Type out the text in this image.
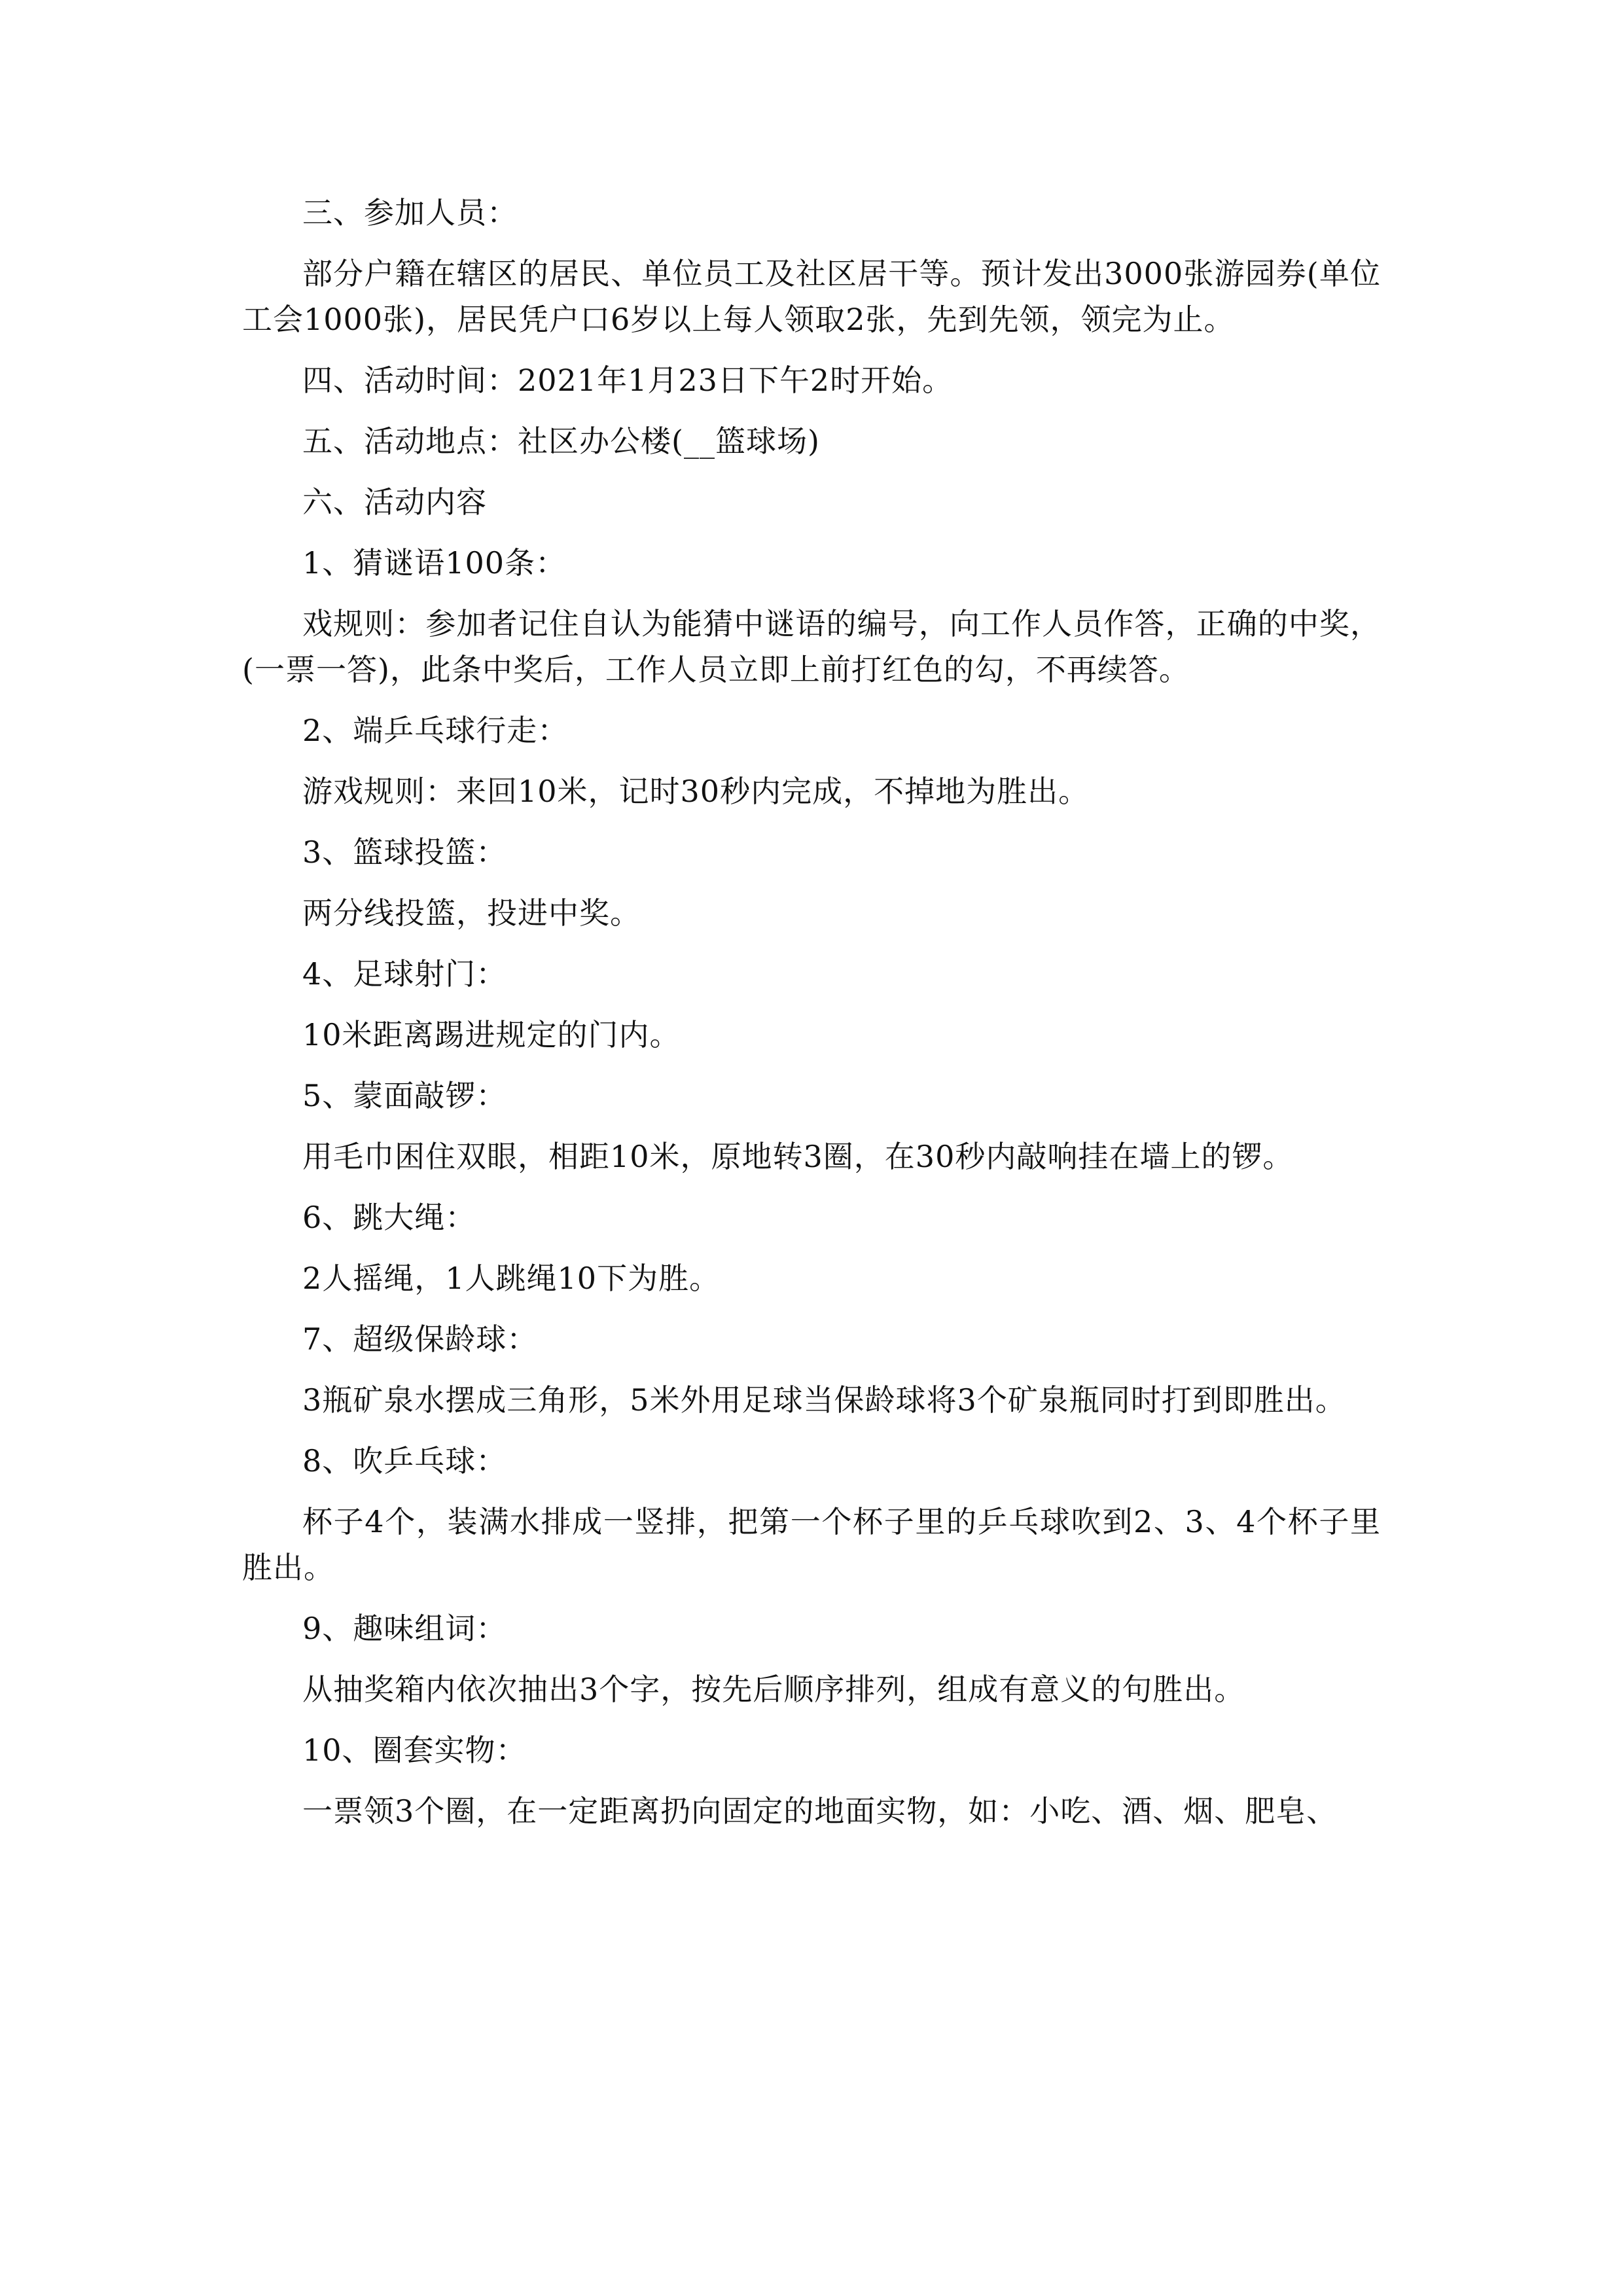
三、参加人员：

部分户籍在辖区的居民、单位员工及社区居干等。预计发出3000张游园券(单位工会1000张)，居民凭户口6岁以上每人领取2张，先到先领，领完为止。

四、活动时间：2021年1月23日下午2时开始。

五、活动地点：社区办公楼(__篮球场)

六、活动内容

1、猜谜语100条：

戏规则：参加者记住自认为能猜中谜语的编号，向工作人员作答，正确的中奖，(一票一答)，此条中奖后，工作人员立即上前打红色的勾，不再续答。

2、端乒乓球行走：

游戏规则：来回10米，记时30秒内完成，不掉地为胜出。

3、篮球投篮：

两分线投篮，投进中奖。

4、足球射门：

10米距离踢进规定的门内。

5、蒙面敲锣：

用毛巾困住双眼，相距10米，原地转3圈，在30秒内敲响挂在墙上的锣。

6、跳大绳：

2人摇绳，1人跳绳10下为胜。

7、超级保龄球：

3瓶矿泉水摆成三角形，5米外用足球当保龄球将3个矿泉瓶同时打到即胜出。

8、吹乒乓球：

杯子4个，装满水排成一竖排，把第一个杯子里的乒乓球吹到2、3、4个杯子里胜出。

9、趣味组词：

从抽奖箱内依次抽出3个字，按先后顺序排列，组成有意义的句胜出。

10、圈套实物：

一票领3个圈，在一定距离扔向固定的地面实物，如：小吃、酒、烟、肥皂、
